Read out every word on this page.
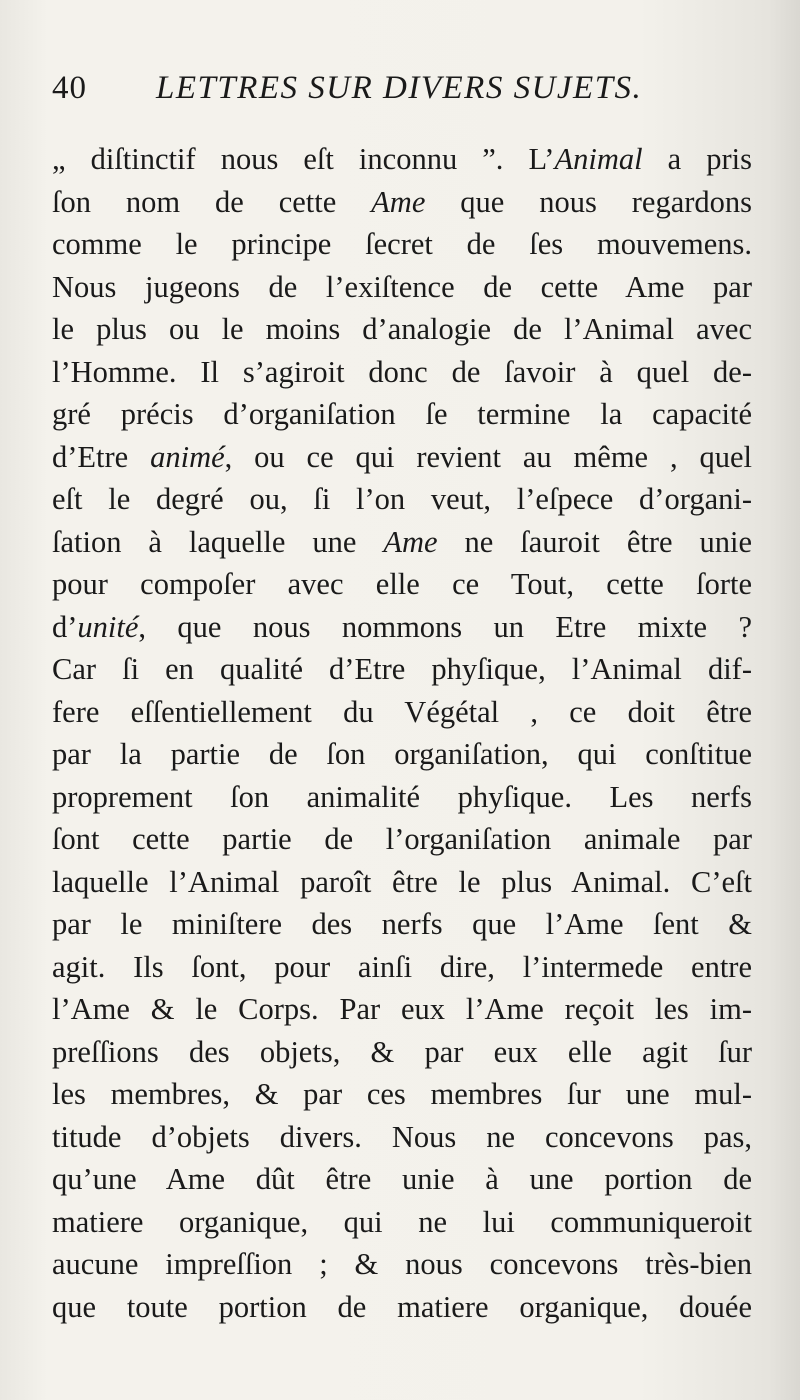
40 LETTRES SUR DIVERS SUJETS.
„ diſtinctif nous eſt inconnu ”. L’Animal a pris
ſon nom de cette Ame que nous regardons
comme le principe ſecret de ſes mouvemens.
Nous jugeons de l’exiſtence de cette Ame par
le plus ou le moins d’analogie de l’Animal avec
l’Homme. Il s’agiroit donc de ſavoir à quel de-
gré précis d’organiſation ſe termine la capacité
d’Etre animé, ou ce qui revient au même , quel
eſt le degré ou, ſi l’on veut, l’eſpece d’organi-
ſation à laquelle une Ame ne ſauroit être unie
pour compoſer avec elle ce Tout, cette ſorte
d’unité, que nous nommons un Etre mixte ?
Car ſi en qualité d’Etre phyſique, l’Animal dif-
fere eſſentiellement du Végétal , ce doit être
par la partie de ſon organiſation, qui conſtitue
proprement ſon animalité phyſique. Les nerfs
ſont cette partie de l’organiſation animale par
laquelle l’Animal paroît être le plus Animal. C’eſt
par le miniſtere des nerfs que l’Ame ſent &
agit. Ils ſont, pour ainſi dire, l’intermede entre
l’Ame & le Corps. Par eux l’Ame reçoit les im-
preſſions des objets, & par eux elle agit ſur
les membres, & par ces membres ſur une mul-
titude d’objets divers. Nous ne concevons pas,
qu’une Ame dût être unie à une portion de
matiere organique, qui ne lui communiqueroit
aucune impreſſion ; & nous concevons très-bien
que toute portion de matiere organique, douée
